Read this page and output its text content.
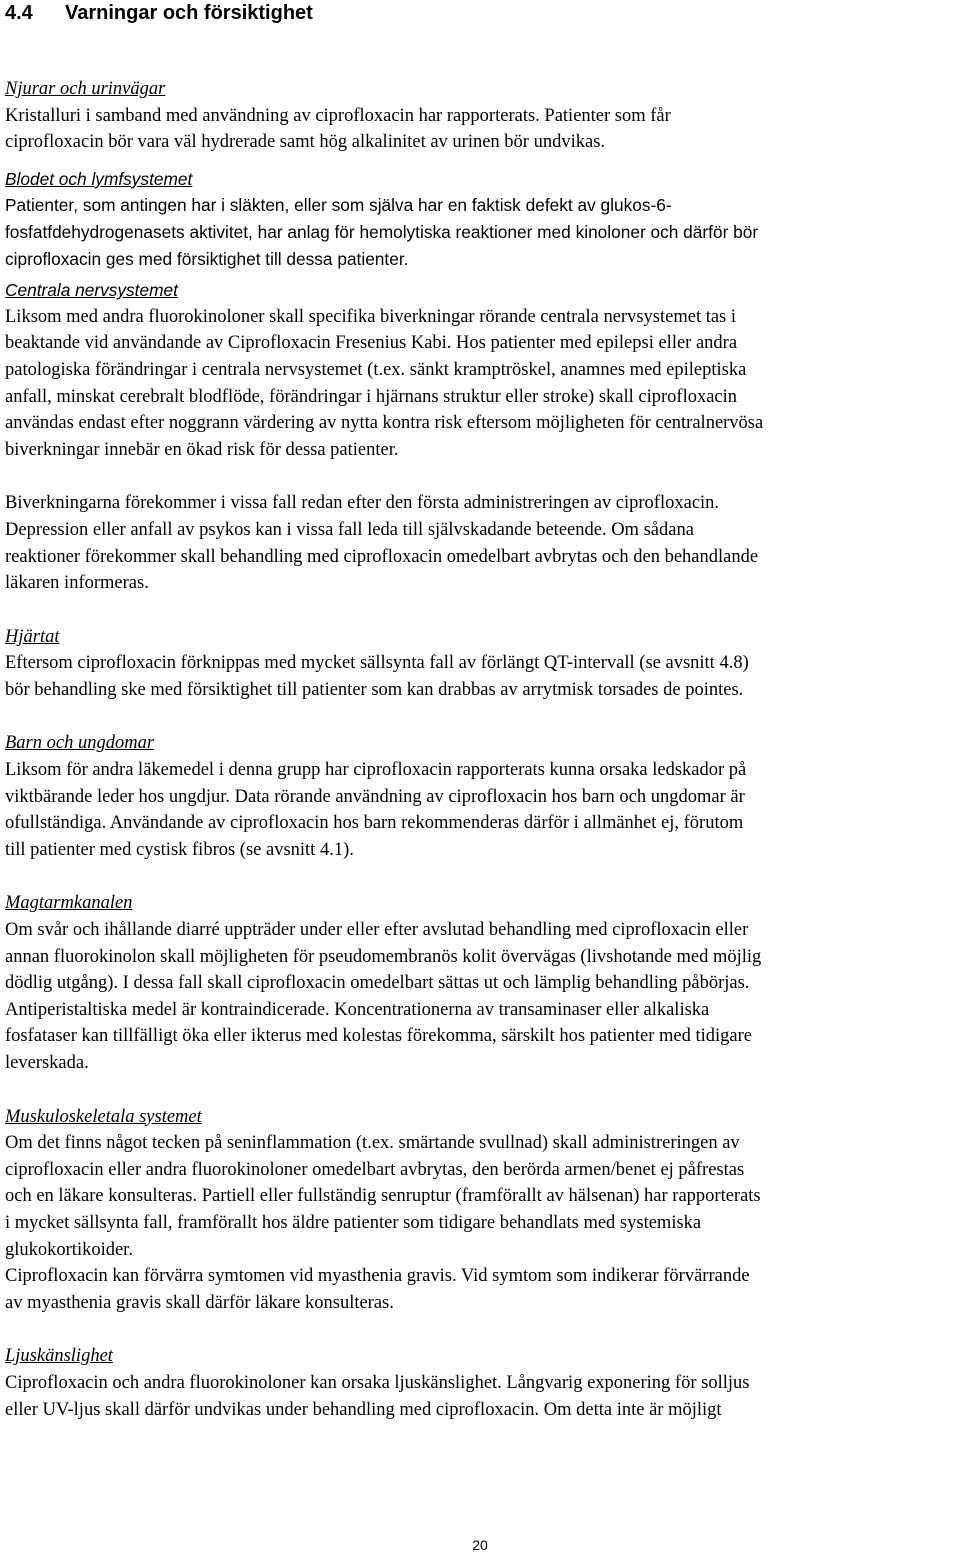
4.4 Varningar och försiktighet
Njurar och urinvägar
Kristalluri i samband med användning av ciprofloxacin har rapporterats. Patienter som får
ciprofloxacin bör vara väl hydrerade samt hög alkalinitet av urinen bör undvikas.
Blodet och lymfsystemet
Patienter, som antingen har i släkten, eller som själva har en faktisk defekt av glukos-6-
fosfatfdehydrogenasets aktivitet, har anlag för hemolytiska reaktioner med kinoloner och därför bör
ciprofloxacin ges med försiktighet till dessa patienter.
Centrala nervsystemet
Liksom med andra fluorokinoloner skall specifika biverkningar rörande centrala nervsystemet tas i
beaktande vid användande av Ciprofloxacin Fresenius Kabi. Hos patienter med epilepsi eller andra
patologiska förändringar i centrala nervsystemet (t.ex. sänkt kramptröskel, anamnes med epileptiska
anfall, minskat cerebralt blodflöde, förändringar i hjärnans struktur eller stroke) skall ciprofloxacin
användas endast efter noggrann värdering av nytta kontra risk eftersom möjligheten för centralnervösa
biverkningar innebär en ökad risk för dessa patienter.
Biverkningarna förekommer i vissa fall redan efter den första administreringen av ciprofloxacin.
Depression eller anfall av psykos kan i vissa fall leda till självskadande beteende. Om sådana
reaktioner förekommer skall behandling med ciprofloxacin omedelbart avbrytas och den behandlande
läkaren informeras.
Hjärtat
Eftersom ciprofloxacin förknippas med mycket sällsynta fall av förlängt QT-intervall (se avsnitt 4.8)
bör behandling ske med försiktighet till patienter som kan drabbas av arrytmisk torsades de pointes.
Barn och ungdomar
Liksom för andra läkemedel i denna grupp har ciprofloxacin rapporterats kunna orsaka ledskador på
viktbärande leder hos ungdjur. Data rörande användning av ciprofloxacin hos barn och ungdomar är
ofullständiga. Användande av ciprofloxacin hos barn rekommenderas därför i allmänhet ej, förutom
till patienter med cystisk fibros (se avsnitt 4.1).
Magtarmkanalen
Om svår och ihållande diarré uppträder under eller efter avslutad behandling med ciprofloxacin eller
annan fluorokinolon skall möjligheten för pseudomembranös kolit övervägas (livshotande med möjlig
dödlig utgång). I dessa fall skall ciprofloxacin omedelbart sättas ut och lämplig behandling påbörjas.
Antiperistaltiska medel är kontraindicerade. Koncentrationerna av transaminaser eller alkaliska
fosfataser kan tillfälligt öka eller ikterus med kolestas förekomma, särskilt hos patienter med tidigare
leverskada.
Muskuloskeletala systemet
Om det finns något tecken på seninflammation (t.ex. smärtande svullnad) skall administreringen av
ciprofloxacin eller andra fluorokinoloner omedelbart avbrytas, den berörda armen/benet ej påfrestas
och en läkare konsulteras. Partiell eller fullständig senruptur (framförallt av hälsenan) har rapporterats
i mycket sällsynta fall, framförallt hos äldre patienter som tidigare behandlats med systemiska
glukokortikoider.
Ciprofloxacin kan förvärra symtomen vid myasthenia gravis. Vid symtom som indikerar förvärrande
av myasthenia gravis skall därför läkare konsulteras.
Ljuskänslighet
Ciprofloxacin och andra fluorokinoloner kan orsaka ljuskänslighet. Långvarig exponering för solljus
eller UV-ljus skall därför undvikas under behandling med ciprofloxacin. Om detta inte är möjligt
20
